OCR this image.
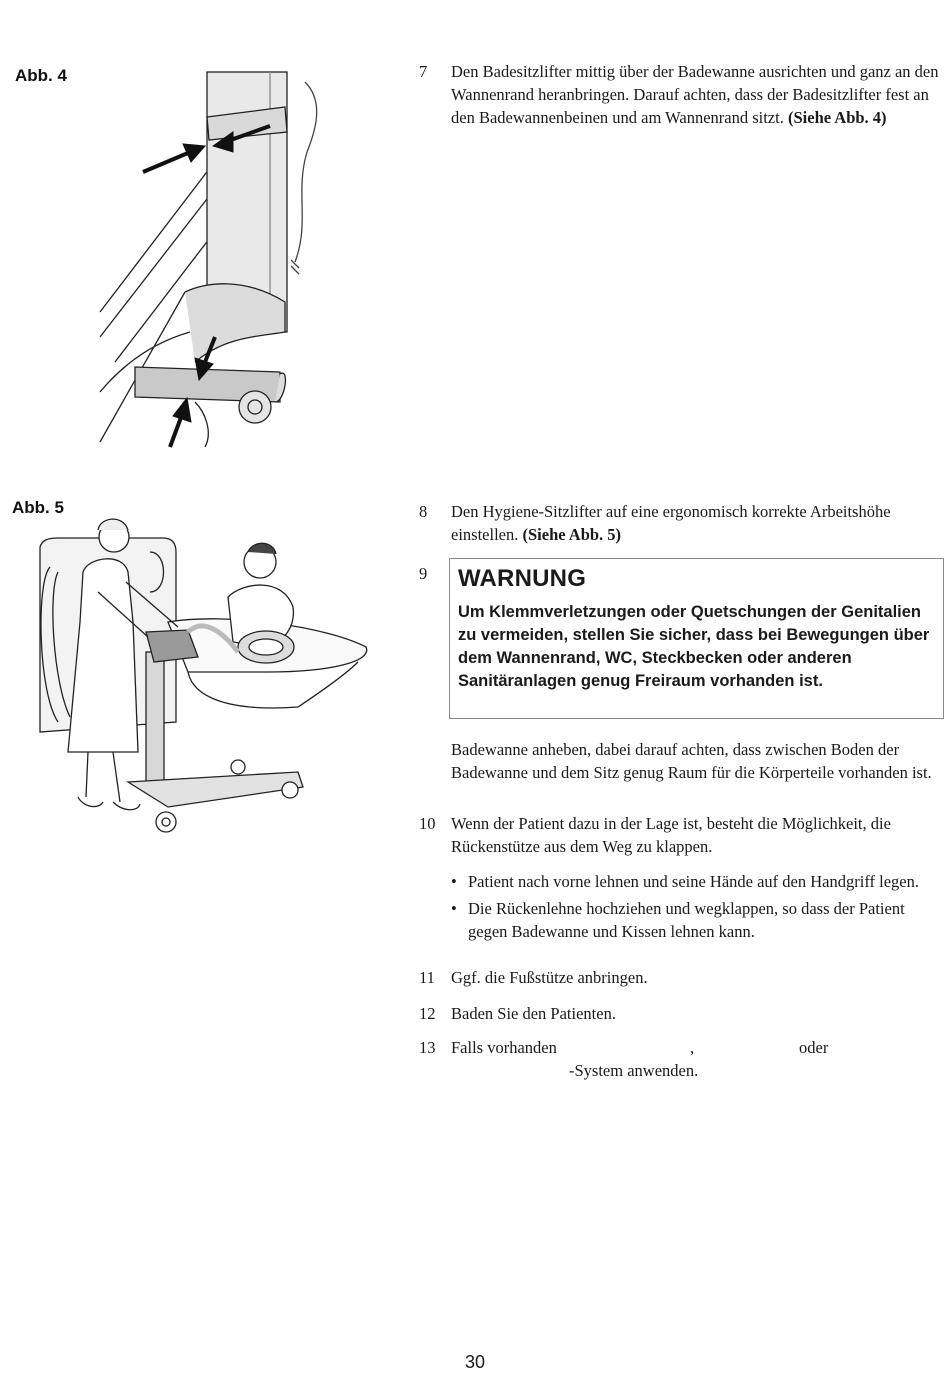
Abb. 4
Abb. 5
7	Den Badesitzlifter mittig über der Badewanne ausrichten und ganz an den Wannenrand heranbringen. Darauf achten, dass der Badesitzlifter fest an den Badewannenbeinen und am Wannenrand sitzt. (Siehe Abb. 4)
8	Den Hygiene-Sitzlifter auf eine ergonomisch korrekte Arbeitshöhe einstellen. (Siehe Abb. 5)
9	WARNUNG
Um Klemmverletzungen oder Quetschungen der Genitalien zu vermeiden, stellen Sie sicher, dass bei Bewegungen über dem Wannenrand, WC, Steckbecken oder anderen Sanitäranlagen genug Freiraum vorhanden ist.
Badewanne anheben, dabei darauf achten, dass zwischen Boden der Badewanne und dem Sitz genug Raum für die Körperteile vorhanden ist.
10 Wenn der Patient dazu in der Lage ist, besteht die Möglichkeit, die Rückenstütze aus dem Weg zu klappen.
• Patient nach vorne lehnen und seine Hände auf den Handgriff legen.
• Die Rückenlehne hochziehen und wegklappen, so dass der Patient gegen Badewanne und Kissen lehnen kann.
11 Ggf. die Fußstütze anbringen.
12 Baden Sie den Patienten.
13 Falls vorhanden	,	oder
-System anwenden.
30
